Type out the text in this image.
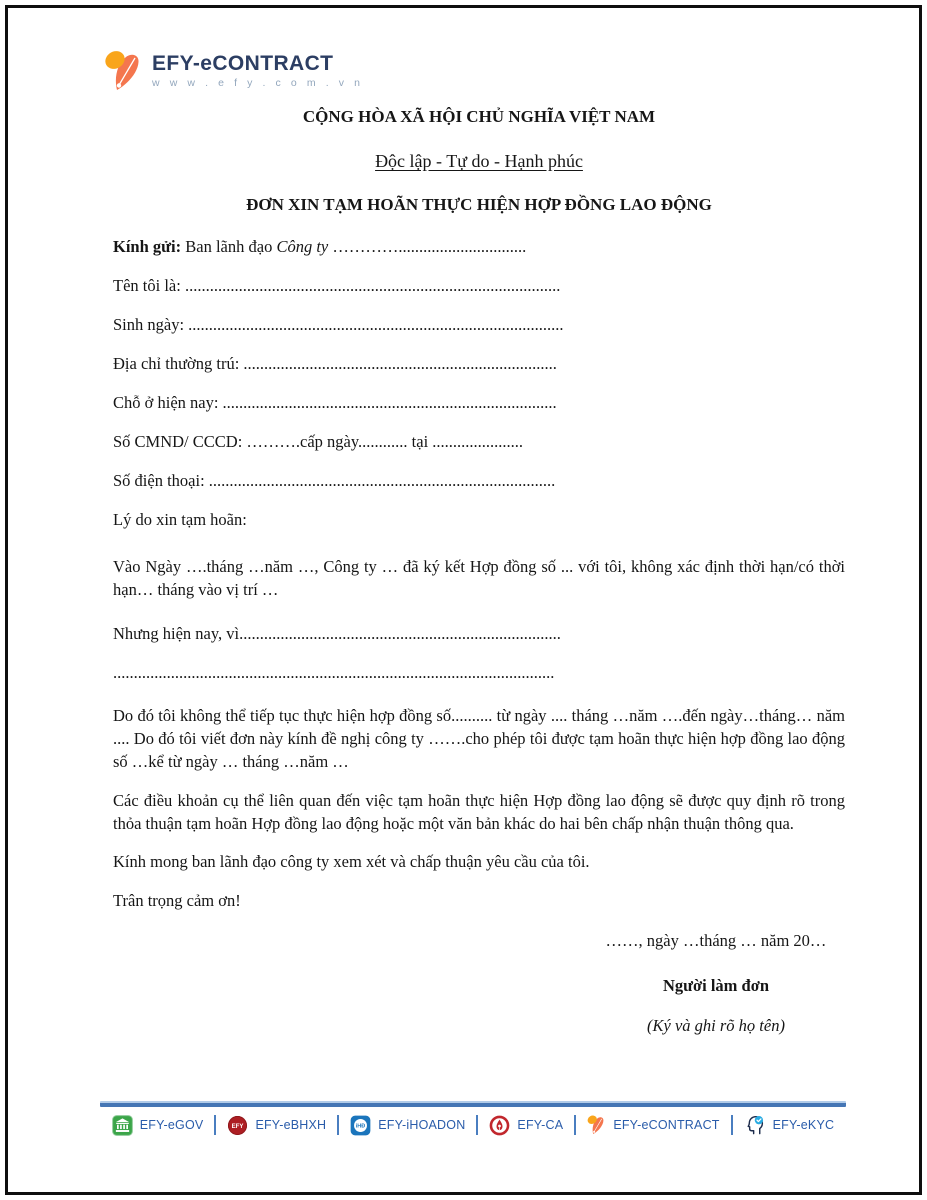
EFY-eCONTRACT
w w w . e f y . c o m . v n
CỘNG HÒA XÃ HỘI CHỦ NGHĨA VIỆT NAM
Độc lập - Tự do - Hạnh phúc
ĐƠN XIN TẠM HOÃN THỰC HIỆN HỢP ĐỒNG LAO ĐỘNG

Kính gửi: Ban lãnh đạo Công ty …………...............................

Tên tôi là: ...........................................................................................

Sinh ngày: ...........................................................................................

Địa chỉ thường trú: ............................................................................

Chỗ ở hiện nay: .................................................................................

Số CMND/ CCCD: ……….cấp ngày............ tại ......................

Số điện thoại: ....................................................................................

Lý do xin tạm hoãn:

Vào Ngày ….tháng …năm …, Công ty … đã ký kết Hợp đồng số ... với tôi, không xác định thời hạn/có thời hạn… tháng vào vị trí …

Nhưng hiện nay, vì..............................................................................

...........................................................................................................

Do đó tôi không thể tiếp tục thực hiện hợp đồng số.......... từ ngày .... tháng …năm ….đến ngày…tháng… năm .... Do đó tôi viết đơn này kính đề nghị công ty …….cho phép tôi được tạm hoãn thực hiện hợp đồng lao động số …kể từ ngày … tháng …năm …

Các điều khoản cụ thể liên quan đến việc tạm hoãn thực hiện Hợp đồng lao động sẽ được quy định rõ trong thỏa thuận tạm hoãn Hợp đồng lao động hoặc một văn bản khác do hai bên chấp nhận thuận thông qua.

Kính mong ban lãnh đạo công ty xem xét và chấp thuận yêu cầu của tôi.

Trân trọng cảm ơn!

……, ngày …tháng … năm 20…
Người làm đơn
(Ký và ghi rõ họ tên)
EFY-eGOV	EFY EFY-eBHXH	iHĐ EFY-iHOADON	EFY-CA	EFY-eCONTRACT	EFY-eKYC
